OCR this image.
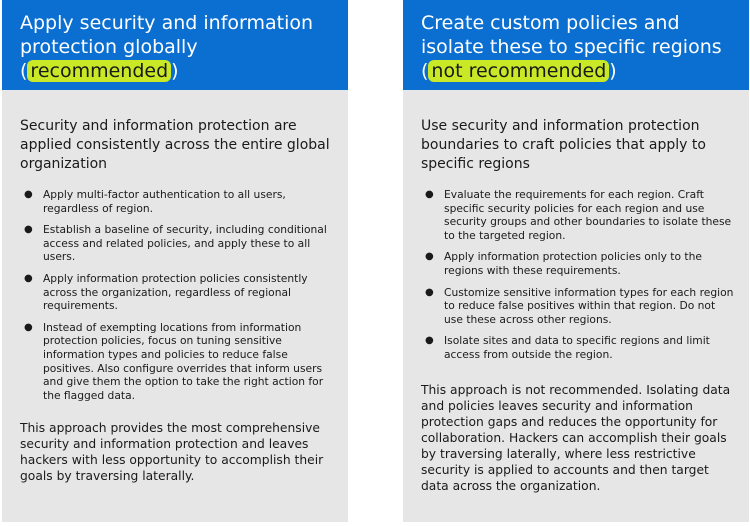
Apply security and information protection globally ( recommended )

Security and information protection are applied consistently across the entire global organization

● Apply multi-factor authentication to all users, regardless of region.
● Establish a baseline of security, including conditional access and related policies, and apply these to all users.
● Apply information protection policies consistently across the organization, regardless of regional requirements.
● Instead of exempting locations from information protection policies, focus on tuning sensitive information types and policies to reduce false positives. Also configure overrides that inform users and give them the option to take the right action for the flagged data.

This approach provides the most comprehensive security and information protection and leaves hackers with less opportunity to accomplish their goals by traversing laterally.

Create custom policies and isolate these to specific regions
( not recommended )

Use security and information protection boundaries to craft policies that apply to specific regions

● Evaluate the requirements for each region. Craft specific security policies for each region and use security groups and other boundaries to isolate these to the targeted region.
● Apply information protection policies only to the regions with these requirements.
● Customize sensitive information types for each region to reduce false positives within that region. Do not use these across other regions.
● Isolate sites and data to specific regions and limit access from outside the region.

This approach is not recommended. Isolating data and policies leaves security and information protection gaps and reduces the opportunity for collaboration. Hackers can accomplish their goals by traversing laterally, where less restrictive security is applied to accounts and then target data across the organization.
